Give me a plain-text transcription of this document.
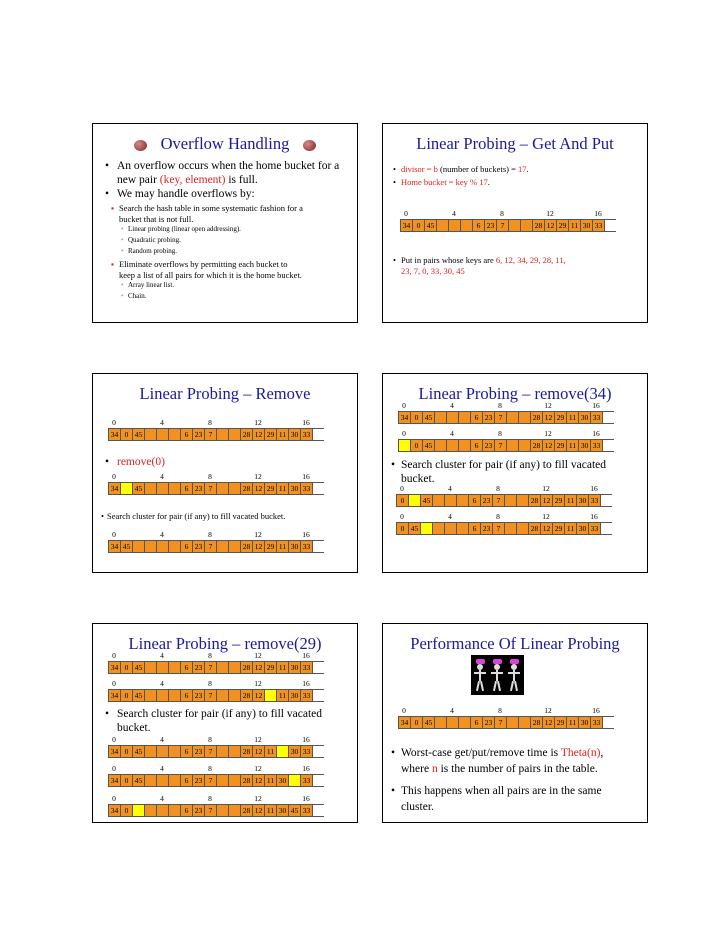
Overflow Handling
• An overflow occurs when the home bucket for a
new pair (key, element) is full.
• We may handle overflows by:
▪ Search the hash table in some systematic fashion for a
bucket that is not full.
• Linear probing (linear open addressing).
• Quadratic probing.
• Random probing.
▪ Eliminate overflows by permitting each bucket to
keep a list of all pairs for which it is the home bucket.
• Array linear list.
• Chain.
Linear Probing – Get And Put
• divisor = b (number of buckets) = 17.
• Home bucket = key % 17.
0	4	8	12	16
34 0 45	6 23 7	28 12 29 11 30 33
• Put in pairs whose keys are 6, 12, 34, 29, 28, 11,
23, 7, 0, 33, 30, 45
Linear Probing – Remove
0	4	8	12	16
34 0 45	6 23 7	28 12 29 11 30 33
• remove(0)
0	4	8	12	16
34	45	6 23 7	28 12 29 11 30 33
• Search cluster for pair (if any) to fill vacated bucket.
0	4	8	12	16
34 45	6 23 7	28 12 29 11 30 33
Linear Probing – remove(34)
0	4	8	12	16
34 0 45	6 23 7	28 12 29 11 30 33
0	4	8	12	16
0 45	6 23 7	28 12 29 11 30 33
• Search cluster for pair (if any) to fill vacated
bucket.
0	4	8	12	16
0	45	6 23 7	28 12 29 11 30 33
0	4	8	12	16
0 45	6 23 7	28 12 29 11 30 33
Linear Probing – remove(29)
0	4	8	12	16
34 0 45	6 23 7	28 12 29 11 30 33
0	4	8	12	16
34 0 45	6 23 7	28 12	11 30 33
• Search cluster for pair (if any) to fill vacated
bucket.
0	4	8	12	16
34 0 45	6 23 7	28 12 11	30 33
0	4	8	12	16
34 0 45	6 23 7	28 12 11 30	33
0	4	8	12	16
34 0	6 23 7	28 12 11 30 45 33
Performance Of Linear Probing
0	4	8	12	16
34 0 45	6 23 7	28 12 29 11 30 33
• Worst-case get/put/remove time is Theta(n),
where n is the number of pairs in the table.
• This happens when all pairs are in the same
cluster.
